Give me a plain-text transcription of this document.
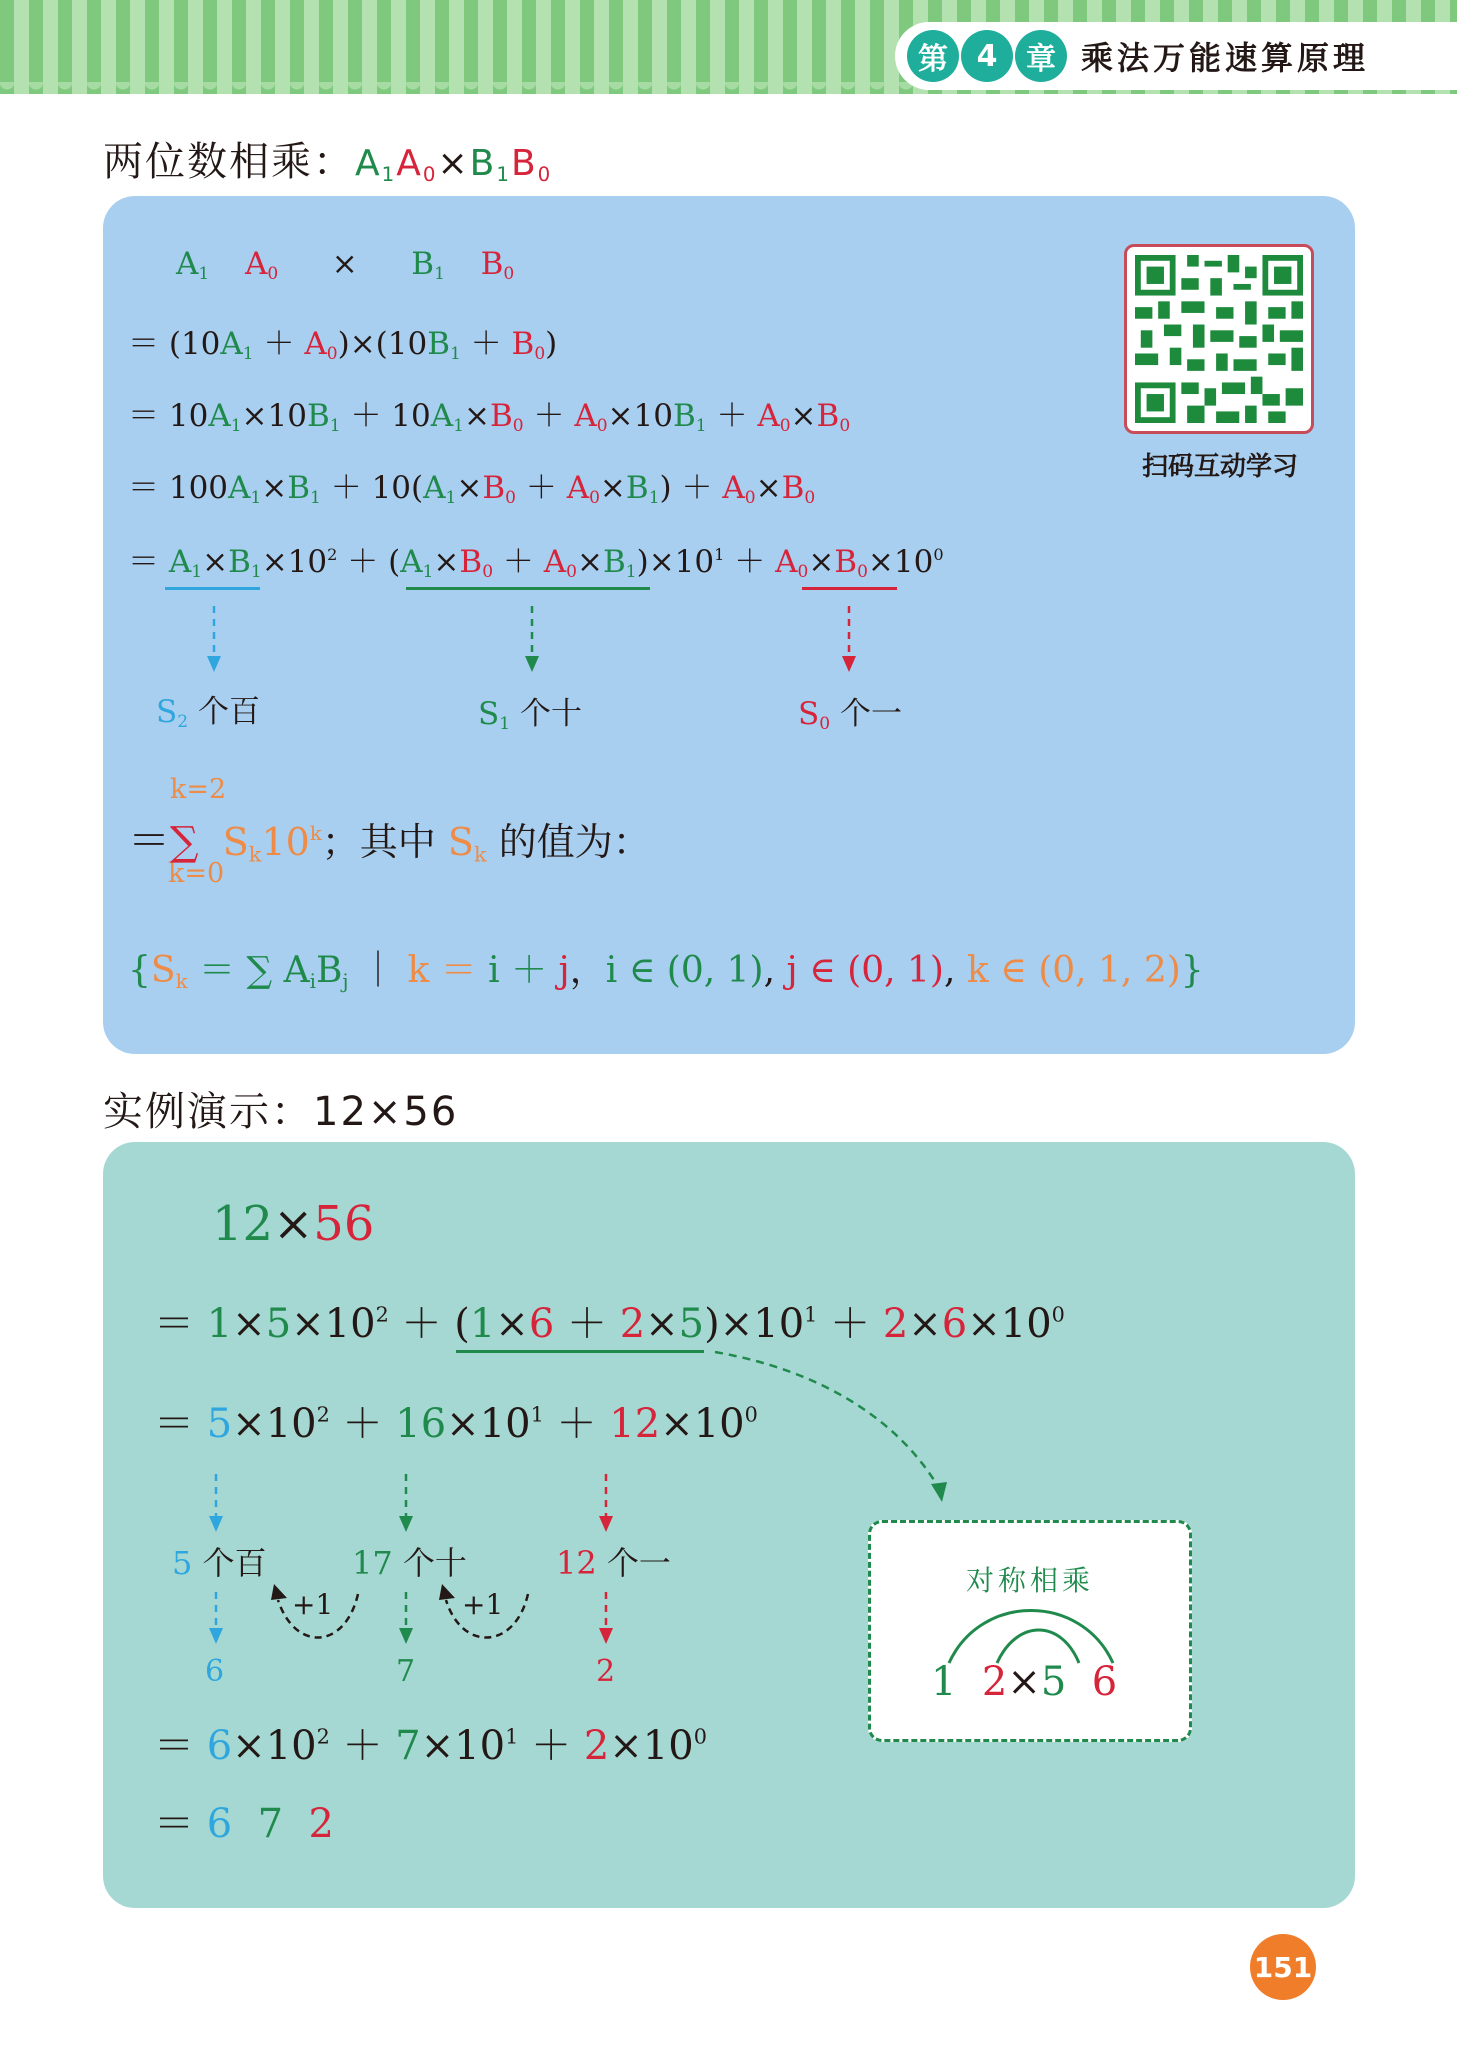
第 4 章 乘法万能速算原理
两位数相乘：$A_1A_0\times B_1B_0$
$A_1$ $A_0 \times B_1$ $B_0$
＝ $(10A_1 + A_0)\times(10B_1 + B_0)$
＝ $10A_1\times 10B_1 + 10A_1\times B_0 + A_0\times 10B_1 + A_0\times B_0$
＝ $100A_1\times B_1 + 10(A_1\times B_0 + A_0\times B_1) + A_0\times B_0$
＝ $A_1\times B_1\times 10^2 + (A_1\times B_0 + A_0\times B_1)\times 10^1 + A_0\times B_0\times 10^0$
$S_2$ 个百	$S_1$ 个十	$S_0$ 个一
k=2
k=0
＝∑ $S_k10^k$；其中 $S_k$ 的值为：
{$S_k$ ＝ ∑ $A_iB_j$ ｜ k ＝ i ＋ j，i ∈ (0, 1), j ∈ (0, 1), k ∈ (0, 1, 2)}
扫码互动学习
实例演示：12×56
12×56
＝ $1\times 5\times 10^2 + (1\times 6 + 2\times 5)\times 10^1 + 2\times 6\times 10^0$
＝ $5\times 10^2 + 16\times 10^1 + 12\times 10^0$
5 个百	17 个十	12 个一
+1	+1
6	7	2
＝ $6\times 10^2 + 7\times 10^1 + 2\times 10^0$
＝ 6 7 2
对称相乘
1 2×5 6
151
